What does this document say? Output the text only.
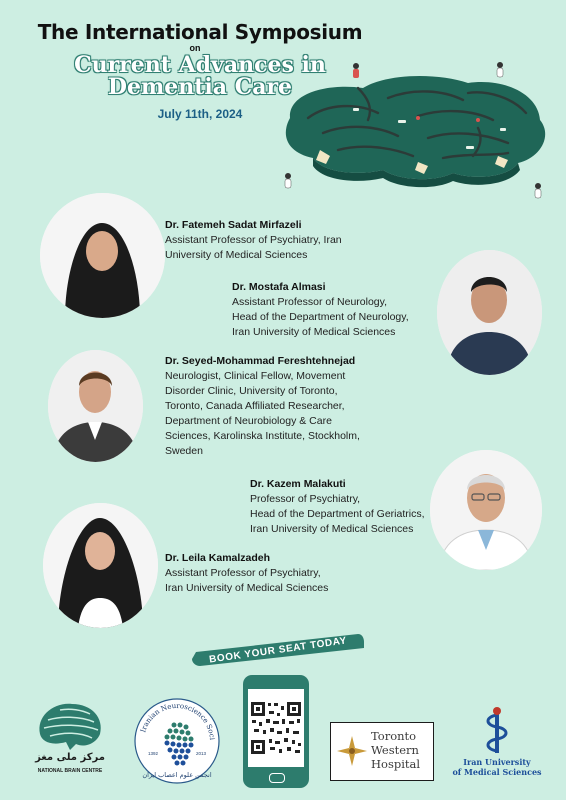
The International Symposium
on
Current Advances in
Dementia Care
July 11th, 2024
Dr. Fatemeh Sadat Mirfazeli
Assistant Professor of Psychiatry, Iran
University of Medical Sciences
Dr. Mostafa Almasi
Assistant Professor of Neurology,
Head of the Department of Neurology,
Iran University of Medical Sciences
Dr. Seyed-Mohammad Fereshtehnejad
Neurologist, Clinical Fellow, Movement
Disorder Clinic, University of Toronto,
Toronto, Canada Affiliated Researcher,
Department of Neurobiology & Care
Sciences, Karolinska Institute, Stockholm,
Sweden
Dr. Kazem Malakuti
Professor of Psychiatry,
Head of the Department of Geriatrics,
Iran University of Medical Sciences
Dr. Leila Kamalzadeh
Assistant Professor of Psychiatry,
Iran University of Medical Sciences
BOOK YOUR SEAT TODAY
مرکز ملی مغز
NATIONAL BRAIN CENTRE
Iranian Neuroscience Soci
1392	2013
انجمن علوم اعصاب ایران
Toronto
Western
Hospital	Iran University
of Medical Sciences
